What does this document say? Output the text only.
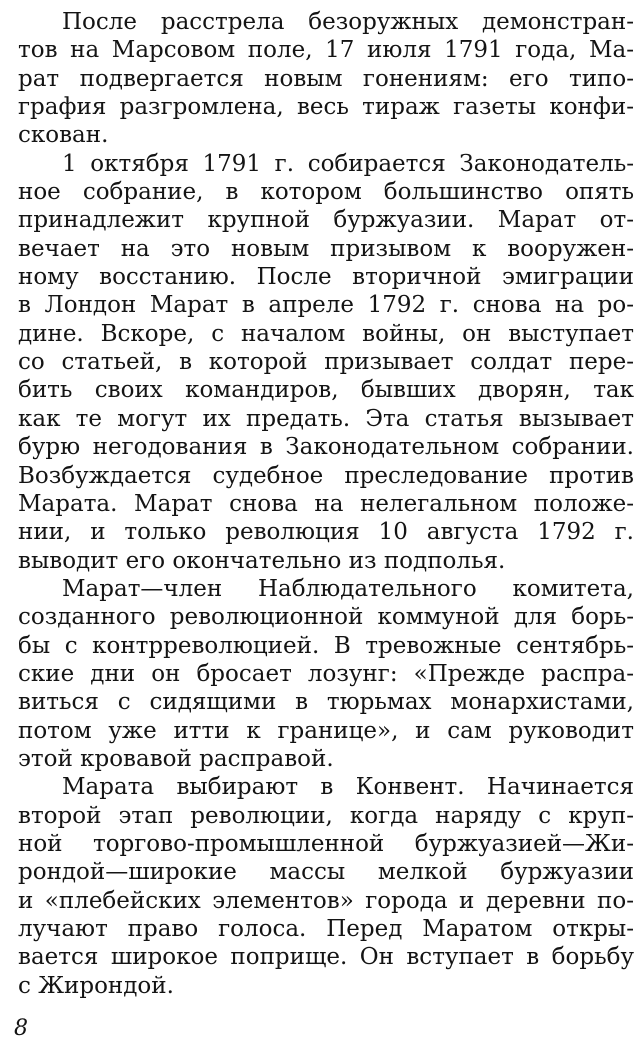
После расстрела безоружных демонстран-
тов на Марсовом поле, 17 июля 1791 года, Ма-
рат подвергается новым гонениям: его типо-
графия разгромлена, весь тираж газеты конфи-
скован.
1 октября 1791 г. собирается Законодатель-
ное собрание, в котором большинство опять
принадлежит крупной буржуазии. Марат от-
вечает на это новым призывом к вооружен-
ному восстанию. После вторичной эмиграции
в Лондон Марат в апреле 1792 г. снова на ро-
дине. Вскоре, с началом войны, он выступает
со статьей, в которой призывает солдат пере-
бить своих командиров, бывших дворян, так
как те могут их предать. Эта статья вызывает
бурю негодования в Законодательном собрании.
Возбуждается судебное преследование против
Марата. Марат снова на нелегальном положе-
нии, и только революция 10 августа 1792 г.
выводит его окончательно из подполья.
Марат—член Наблюдательного комитета,
созданного революционной коммуной для борь-
бы с контрреволюцией. В тревожные сентябрь-
ские дни он бросает лозунг: «Прежде распра-
виться с сидящими в тюрьмах монархистами,
потом уже итти к границе», и сам руководит
этой кровавой расправой.
Марата выбирают в Конвент. Начинается
второй этап революции, когда наряду с круп-
ной торгово-промышленной буржуазией—Жи-
рондой—широкие массы мелкой буржуазии
и «плебейских элементов» города и деревни по-
лучают право голоса. Перед Маратом откры-
вается широкое поприще. Он вступает в борьбу
с Жирондой.
8
